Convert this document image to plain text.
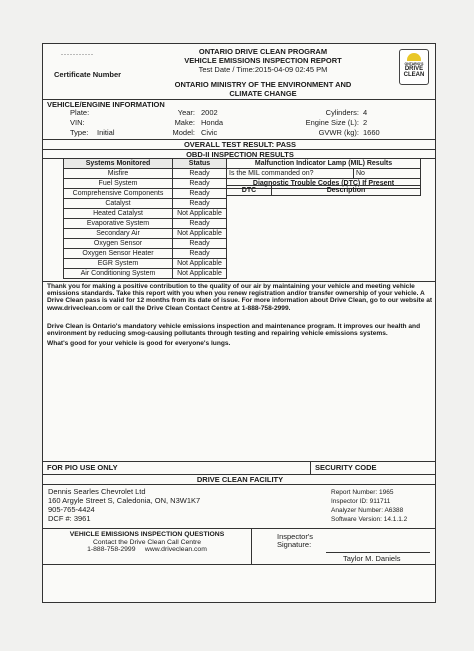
-----------
Certificate Number
ONTARIO DRIVE CLEAN PROGRAM
VEHICLE EMISSIONS INSPECTION REPORT
Test Date / Time:2015-04-09 02:45 PM
ONTARIO MINISTRY OF THE ENVIRONMENT AND CLIMATE CHANGE
ONTARIO'S
DRIVE CLEAN
VEHICLE/ENGINE INFORMATION
Plate:
VIN:
Type: Initial
Year: 2002
Make: Honda
Model: Civic
Cylinders: 4
Engine Size (L): 2
GVWR (kg): 1660
OVERALL TEST RESULT: PASS
OBD-II INSPECTION RESULTS
Systems Monitored	Status
Misfire	Ready
Fuel System	Ready
Comprehensive Components	Ready
Catalyst	Ready
Heated Catalyst	Not Applicable
Evaporative System	Ready
Secondary Air	Not Applicable
Oxygen Sensor	Ready
Oxygen Sensor Heater	Ready
EGR System	Not Applicable
Air Conditioning System	Not Applicable
Malfunction Indicator Lamp (MIL) Results
Is the MIL commanded on?	No
Diagnostic Trouble Codes (DTC) If Present
DTC	Description
Thank you for making a positive contribution to the quality of our air by maintaining your vehicle and meeting vehicle emissions standards. Take this report with you when you renew registration and/or transfer ownership of your vehicle. A Drive Clean pass is valid for 12 months from its date of issue. For more information about Drive Clean, go to our website at www.driveclean.com or call the Drive Clean Contact Centre at 1-888-758-2999.
Drive Clean is Ontario's mandatory vehicle emissions inspection and maintenance program. It improves our health and environment by reducing smog-causing pollutants through testing and repairing vehicle emissions systems.
What's good for your vehicle is good for everyone's lungs.
FOR PIO USE ONLY	SECURITY CODE
DRIVE CLEAN FACILITY
Dennis Searles Chevrolet Ltd
160 Argyle Street S, Caledonia, ON, N3W1K7
905-765-4424
DCF #: 3961
Report Number: 1965
Inspector ID: 911711
Analyzer Number: A6388
Software Version: 14.1.1.2
VEHICLE EMISSIONS INSPECTION QUESTIONS
Contact the Drive Clean Call Centre
1-888-758-2999     www.driveclean.com
Inspector's Signature:
Taylor M. Daniels
